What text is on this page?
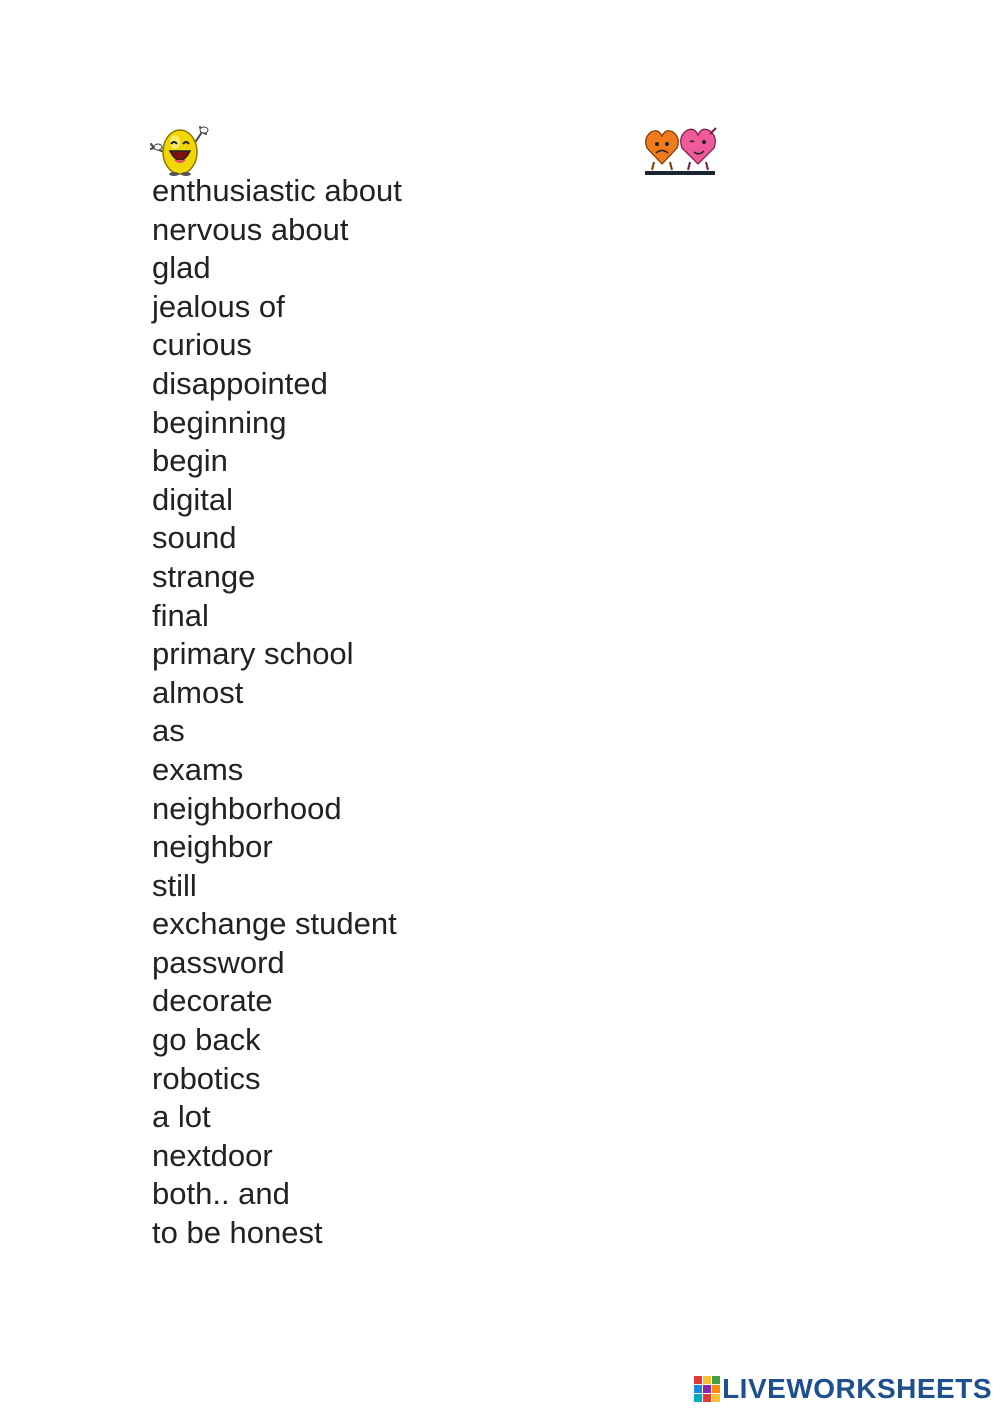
enthusiastic about
nervous about
glad
jealous of
curious
disappointed
beginning
begin
digital
sound
strange
final
primary school
almost
as
exams
neighborhood
neighbor
still
exchange student
password
decorate
go back
robotics
a lot
nextdoor
both.. and
to be honest
LIVEWORKSHEETS
